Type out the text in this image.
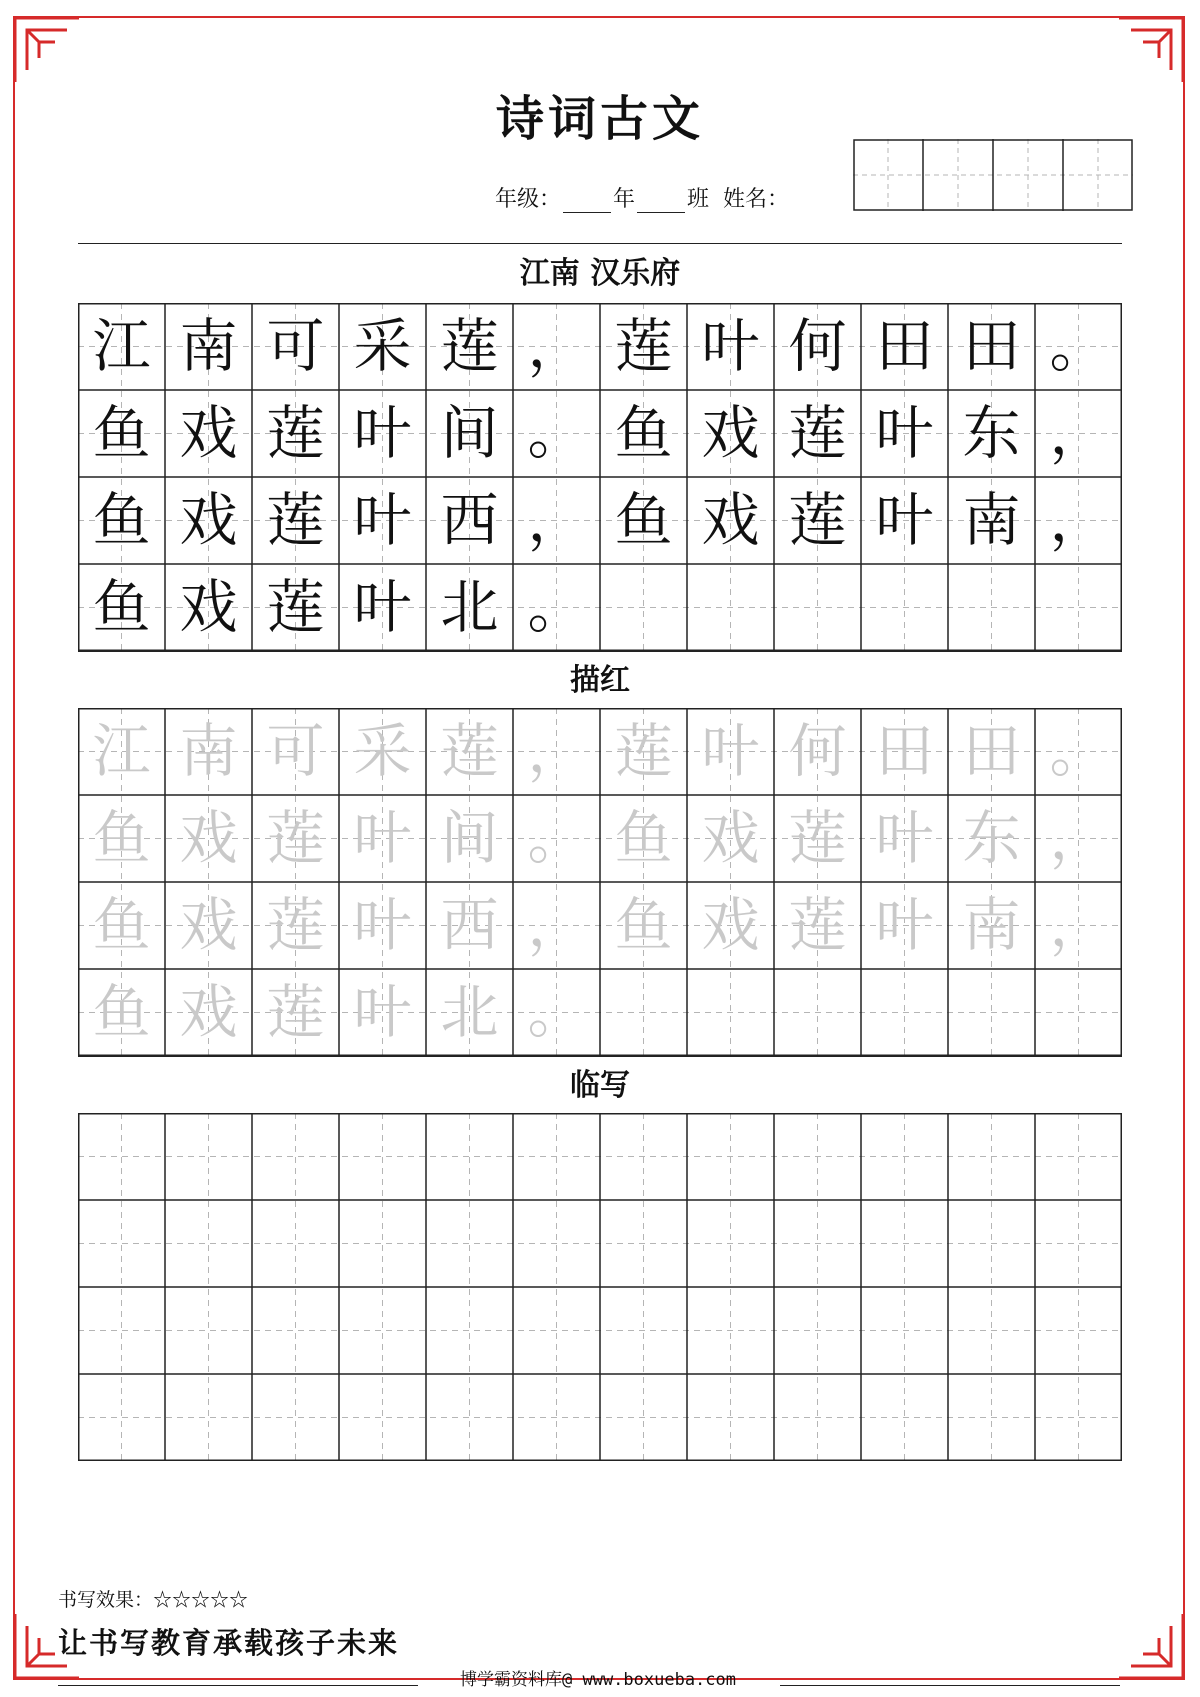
诗词古文
年级： 年 班 姓名：
江南 汉乐府
江 南 可 采 莲 ， 莲 叶 何 田 田 。
鱼 戏 莲 叶 间 。 鱼 戏 莲 叶 东 ，
鱼 戏 莲 叶 西 ， 鱼 戏 莲 叶 南 ，
鱼 戏 莲 叶 北 。
描红
江 南 可 采 莲 ， 莲 叶 何 田 田 。
鱼 戏 莲 叶 间 。 鱼 戏 莲 叶 东 ，
鱼 戏 莲 叶 西 ， 鱼 戏 莲 叶 南 ，
鱼 戏 莲 叶 北 。
临写
书写效果：☆☆☆☆☆
让书写教育承载孩子未来
博学霸资料库@ www.boxueba.com
